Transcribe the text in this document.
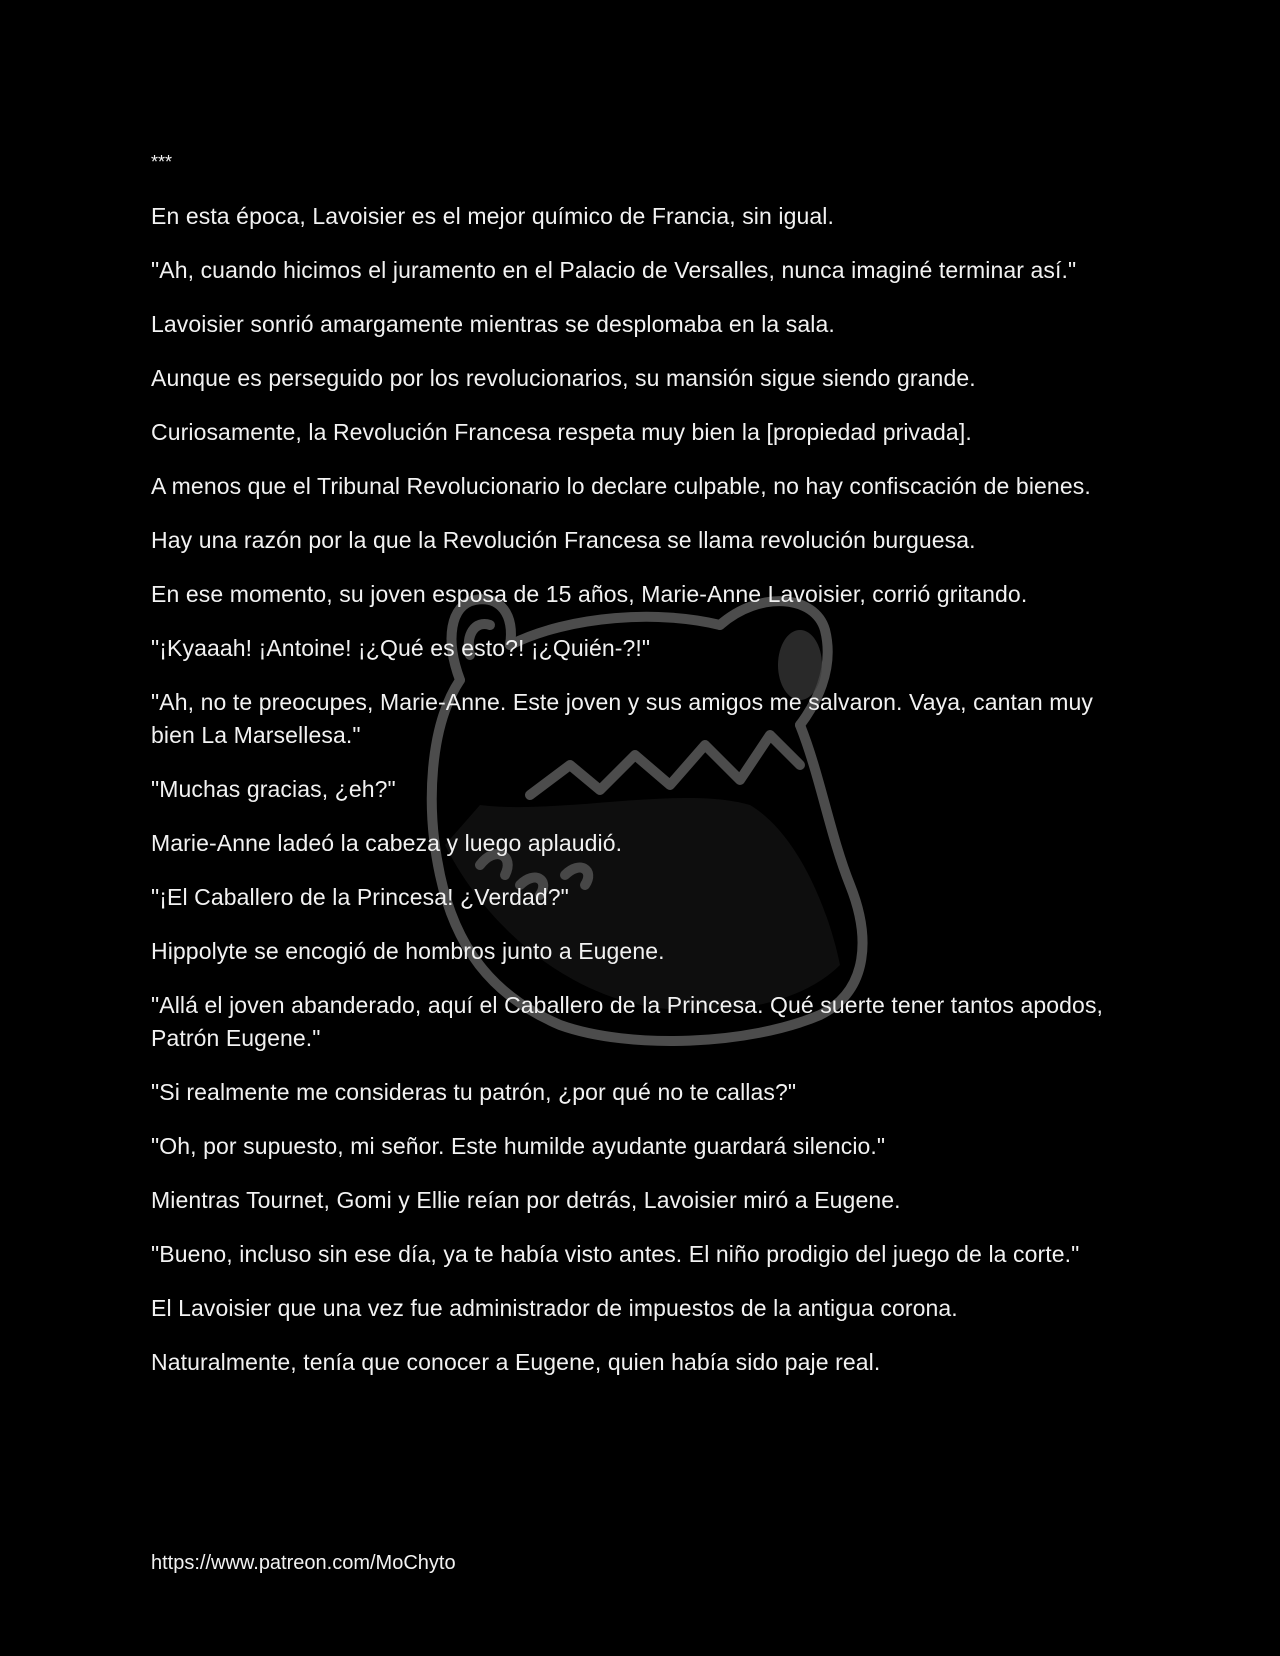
***

En esta época, Lavoisier es el mejor químico de Francia, sin igual.

"Ah, cuando hicimos el juramento en el Palacio de Versalles, nunca imaginé terminar así."

Lavoisier sonrió amargamente mientras se desplomaba en la sala.

Aunque es perseguido por los revolucionarios, su mansión sigue siendo grande.

Curiosamente, la Revolución Francesa respeta muy bien la [propiedad privada].

A menos que el Tribunal Revolucionario lo declare culpable, no hay confiscación de bienes.

Hay una razón por la que la Revolución Francesa se llama revolución burguesa.

En ese momento, su joven esposa de 15 años, Marie-Anne Lavoisier, corrió gritando.

"¡Kyaaah! ¡Antoine! ¡¿Qué es esto?! ¡¿Quién-?!"

"Ah, no te preocupes, Marie-Anne. Este joven y sus amigos me salvaron. Vaya, cantan muy bien La Marsellesa."

"Muchas gracias, ¿eh?"

Marie-Anne ladeó la cabeza y luego aplaudió.

"¡El Caballero de la Princesa! ¿Verdad?"

Hippolyte se encogió de hombros junto a Eugene.

"Allá el joven abanderado, aquí el Caballero de la Princesa. Qué suerte tener tantos apodos, Patrón Eugene."

"Si realmente me consideras tu patrón, ¿por qué no te callas?"

"Oh, por supuesto, mi señor. Este humilde ayudante guardará silencio."

Mientras Tournet, Gomi y Ellie reían por detrás, Lavoisier miró a Eugene.

"Bueno, incluso sin ese día, ya te había visto antes. El niño prodigio del juego de la corte."

El Lavoisier que una vez fue administrador de impuestos de la antigua corona.

Naturalmente, tenía que conocer a Eugene, quien había sido paje real.

https://www.patreon.com/MoChyto
